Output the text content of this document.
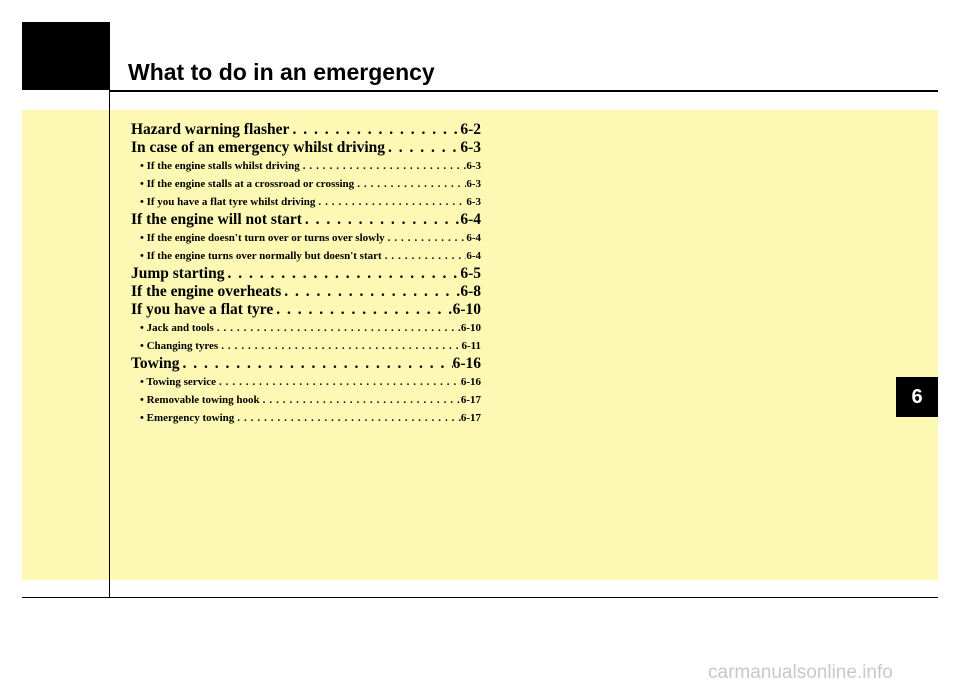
What to do in an emergency
Hazard warning flasher . . .	6-2
In case of an emergency whilst driving . . .	6-3
• If the engine stalls whilst driving . . .	6-3
• If the engine stalls at a crossroad or crossing . . .	6-3
• If you have a flat tyre whilst driving . . .	6-3
If the engine will not start . . .	6-4
• If the engine doesn't turn over or turns over slowly . . .	6-4
• If the engine turns over normally but doesn't start . . .	6-4
Jump starting . . .	6-5
If the engine overheats . . .	6-8
If you have a flat tyre . . .	6-10
• Jack and tools . . .	6-10
• Changing tyres . . .	6-11
Towing . . .	6-16
• Towing service . . .	6-16
• Removable towing hook . . .	6-17
• Emergency towing . . .	6-17
6
carmanualsonline.info
